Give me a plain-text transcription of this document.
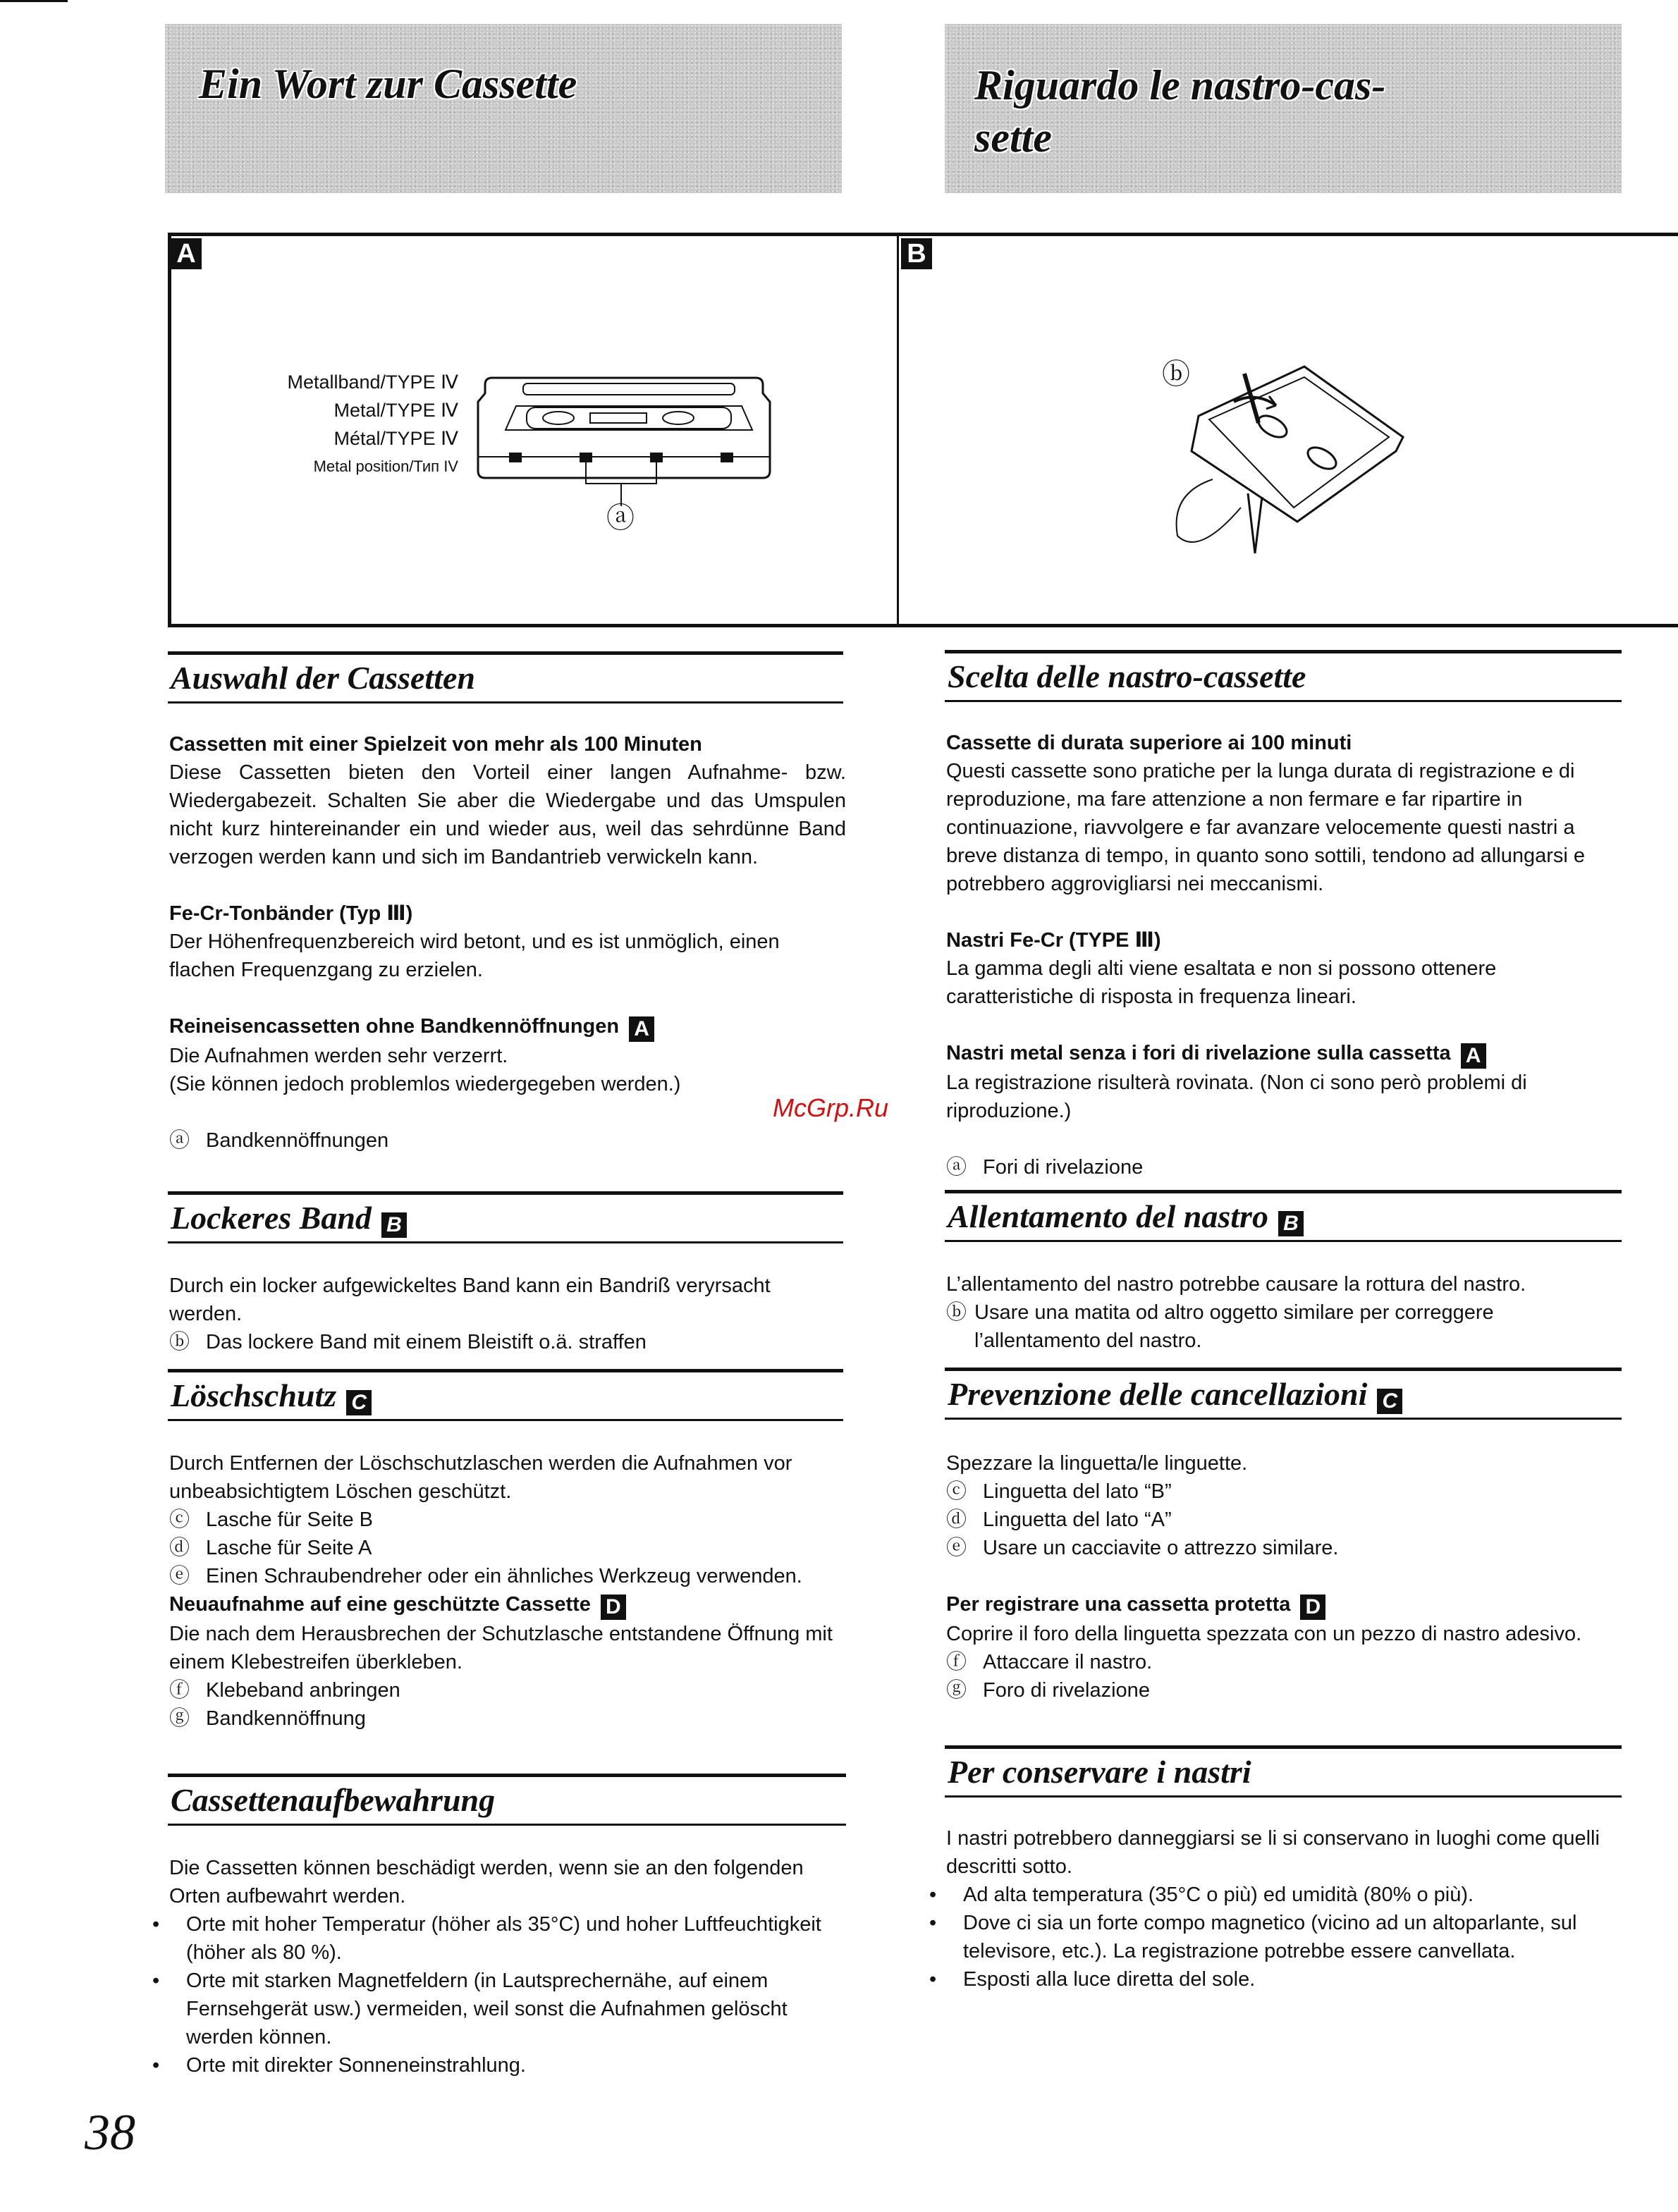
Ein Wort zur Cassette	Riguardo le nastro-cas-
sette
A	B
Metallband/TYPE Ⅳ
Metal/TYPE Ⅳ
Métal/TYPE Ⅳ
Metal position/Тип IV
ⓐ
ⓑ
Auswahl der Cassetten

Cassetten mit einer Spielzeit von mehr als 100 Minuten

Diese Cassetten bieten den Vorteil einer langen Aufnahme- bzw. Wiedergabezeit. Schalten Sie aber die Wiedergabe und das Umspulen nicht kurz hintereinander ein und wieder aus, weil das sehrdünne Band verzogen werden kann und sich im Bandantrieb verwickeln kann.

Fe-Cr-Tonbänder (Typ Ⅲ)

Der Höhenfrequenzbereich wird betont, und es ist unmöglich, einen flachen Frequenzgang zu erzielen.

Reineisencassetten ohne Bandkennöffnungen A

Die Aufnahmen werden sehr verzerrt.

(Sie können jedoch problemlos wiedergegeben werden.)

ⓐ Bandkennöffnungen

Lockeres Band B

Durch ein locker aufgewickeltes Band kann ein Bandriß veryrsacht werden.

ⓑ Das lockere Band mit einem Bleistift o.ä. straffen

Löschschutz C

Durch Entfernen der Löschschutzlaschen werden die Aufnahmen vor unbeabsichtigtem Löschen geschützt.

ⓒ Lasche für Seite B

ⓓ Lasche für Seite A

ⓔ Einen Schraubendreher oder ein ähnliches Werkzeug verwenden.

Neuaufnahme auf eine geschützte Cassette D

Die nach dem Herausbrechen der Schutzlasche entstandene Öffnung mit einem Klebestreifen überkleben.

ⓕ Klebeband anbringen

ⓖ Bandkennöffnung

Cassettenaufbewahrung

Die Cassetten können beschädigt werden, wenn sie an den folgenden Orten aufbewahrt werden.

• Orte mit hoher Temperatur (höher als 35°C) und hoher Luftfeuchtigkeit (höher als 80 %).

• Orte mit starken Magnetfeldern (in Lautsprechernähe, auf einem Fernsehgerät usw.) vermeiden, weil sonst die Aufnahmen gelöscht werden können.

• Orte mit direkter Sonneneinstrahlung.

Scelta delle nastro-cassette

Cassette di durata superiore ai 100 minuti

Questi cassette sono pratiche per la lunga durata di registrazione e di reproduzione, ma fare attenzione a non fermare e far ripartire in continuazione, riavvolgere e far avanzare velocemente questi nastri a breve distanza di tempo, in quanto sono sottili, tendono ad allungarsi e potrebbero aggrovigliarsi nei meccanismi.

Nastri Fe-Cr (TYPE Ⅲ)

La gamma degli alti viene esaltata e non si possono ottenere caratteristiche di risposta in frequenza lineari.

Nastri metal senza i fori di rivelazione sulla cassetta A

La registrazione risulterà rovinata. (Non ci sono però problemi di riproduzione.)

ⓐ Fori di rivelazione

Allentamento del nastro B

L’allentamento del nastro potrebbe causare la rottura del nastro.

ⓑ Usare una matita od altro oggetto similare per correggere l’allentamento del nastro.

Prevenzione delle cancellazioni C

Spezzare la linguetta/le linguette.

ⓒ Linguetta del lato “B”

ⓓ Linguetta del lato “A”

ⓔ Usare un cacciavite o attrezzo similare.

Per registrare una cassetta protetta D

Coprire il foro della linguetta spezzata con un pezzo di nastro adesivo.

ⓕ Attaccare il nastro.

ⓖ Foro di rivelazione

Per conservare i nastri

I nastri potrebbero danneggiarsi se li si conservano in luoghi come quelli descritti sotto.

• Ad alta temperatura (35°C o più) ed umidità (80% o più).

• Dove ci sia un forte compo magnetico (vicino ad un altoparlante, sul televisore, etc.). La registrazione potrebbe essere canvellata.

• Esposti alla luce diretta del sole.

McGrp.Ru
38
